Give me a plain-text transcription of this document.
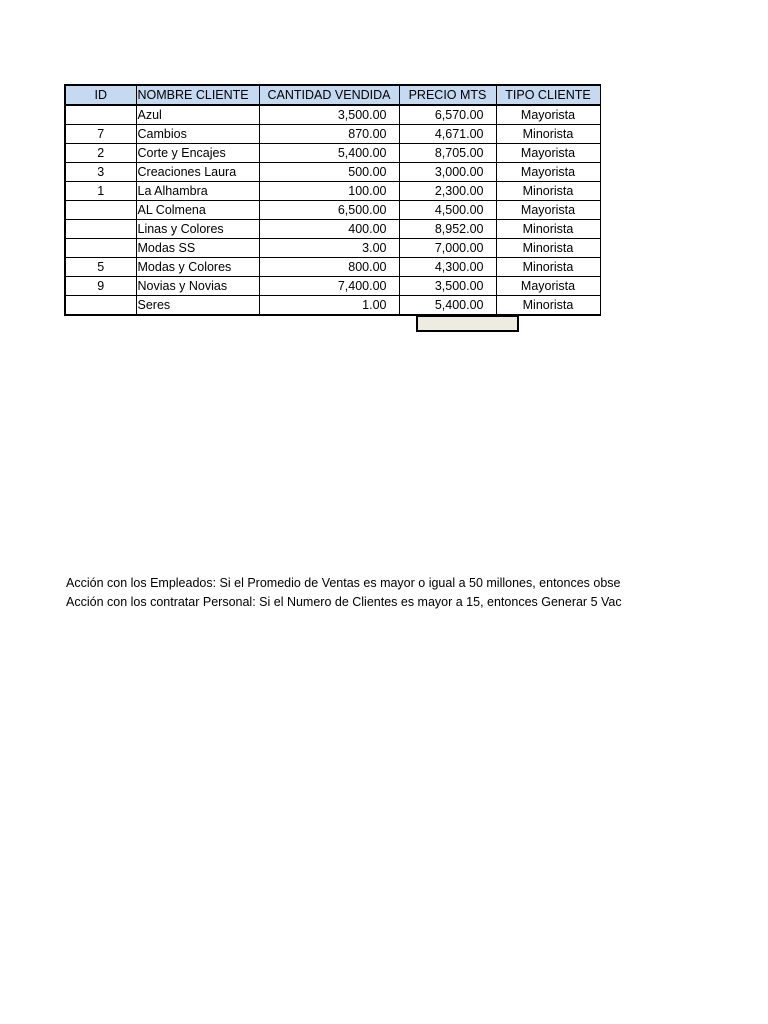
ID	NOMBRE CLIENTE	CANTIDAD VENDIDA	PRECIO MTS	TIPO CLIENTE
	Azul	3,500.00	6,570.00	Mayorista
7	Cambios	870.00	4,671.00	Minorista
2	Corte y Encajes	5,400.00	8,705.00	Mayorista
3	Creaciones Laura	500.00	3,000.00	Mayorista
1	La Alhambra	100.00	2,300.00	Minorista
	AL Colmena	6,500.00	4,500.00	Mayorista
	Linas y Colores	400.00	8,952.00	Minorista
	Modas SS	3.00	7,000.00	Minorista
5	Modas y Colores	800.00	4,300.00	Minorista
9	Novias y Novias	7,400.00	3,500.00	Mayorista
	Seres	1.00	5,400.00	Minorista
Acción con los Empleados: Si el Promedio de Ventas es mayor o igual a 50 millones, entonces obse
Acción con los contratar Personal: Si el Numero de Clientes es mayor a 15, entonces Generar 5 Vac
